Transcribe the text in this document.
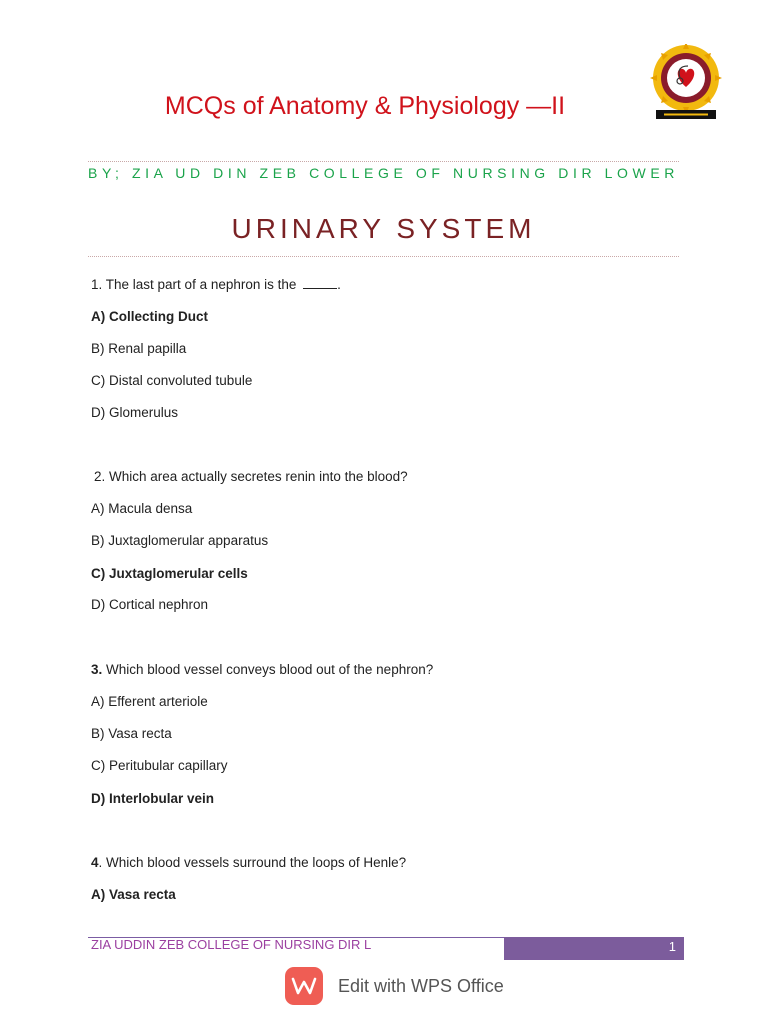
MCQs of Anatomy & Physiology —II
BY; ZIA UD DIN ZEB COLLEGE OF NURSING DIR LOWER
URINARY SYSTEM
1. The last part of a nephron is the	.
A) Collecting Duct
B) Renal papilla
C) Distal convoluted tubule
D) Glomerulus
2. Which area actually secretes renin into the blood?
A) Macula densa
B) Juxtaglomerular apparatus
C) Juxtaglomerular cells
D) Cortical nephron
3. Which blood vessel conveys blood out of the nephron?
A) Efferent arteriole
B) Vasa recta
C) Peritubular capillary
D) Interlobular vein
4. Which blood vessels surround the loops of Henle?
A) Vasa recta
ZIA UDDIN ZEB COLLEGE OF NURSING DIR L	1
Edit with WPS Office
